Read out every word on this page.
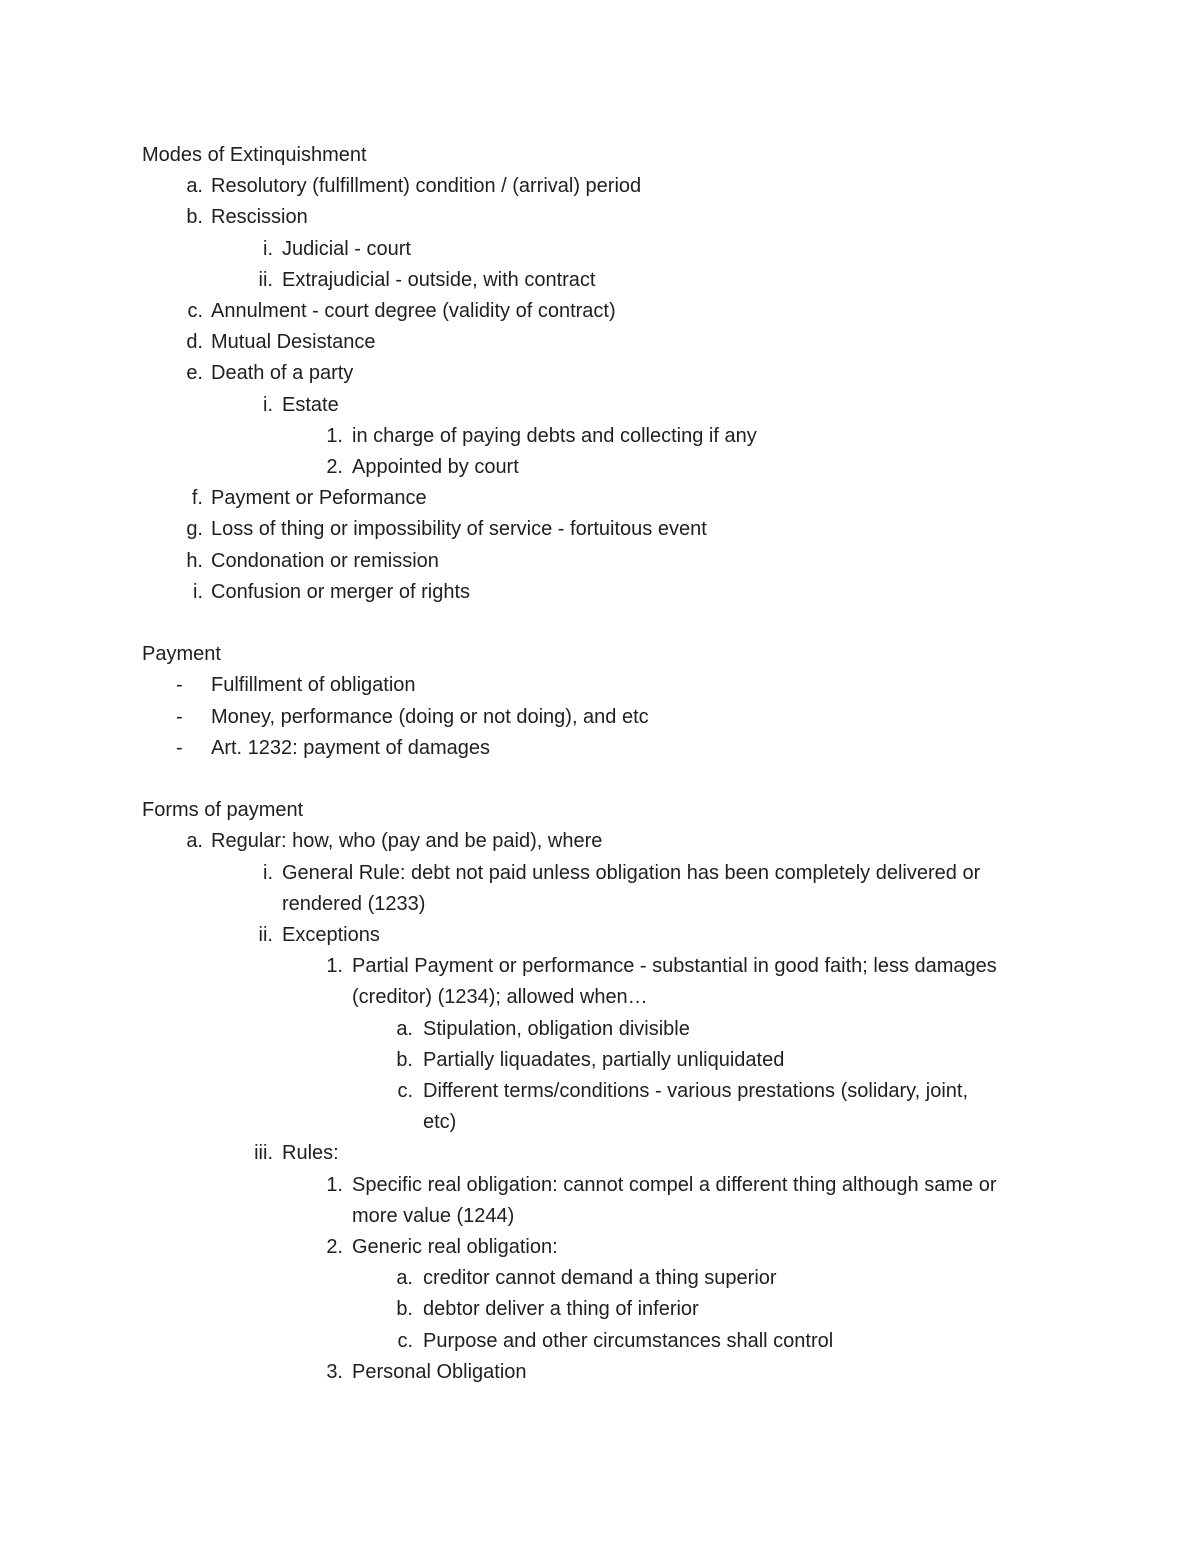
Modes of Extinquishment
a. Resolutory (fulfillment) condition / (arrival) period
b. Rescission
i. Judicial - court
ii. Extrajudicial - outside, with contract
c. Annulment - court degree (validity of contract)
d. Mutual Desistance
e. Death of a party
i. Estate
1. in charge of paying debts and collecting if any
2. Appointed by court
f. Payment or Peformance
g. Loss of thing or impossibility of service - fortuitous event
h. Condonation or remission
i. Confusion or merger of rights
Payment
- Fulfillment of obligation
- Money, performance (doing or not doing), and etc
- Art. 1232: payment of damages
Forms of payment
a. Regular: how, who (pay and be paid), where
i. General Rule: debt not paid unless obligation has been completely delivered or
rendered (1233)
ii. Exceptions
1. Partial Payment or performance - substantial in good faith; less damages
(creditor) (1234); allowed when…
a. Stipulation, obligation divisible
b. Partially liquadates, partially unliquidated
c. Different terms/conditions - various prestations (solidary, joint,
etc)
iii. Rules:
1. Specific real obligation: cannot compel a different thing although same or
more value (1244)
2. Generic real obligation:
a. creditor cannot demand a thing superior
b. debtor deliver a thing of inferior
c. Purpose and other circumstances shall control
3. Personal Obligation
